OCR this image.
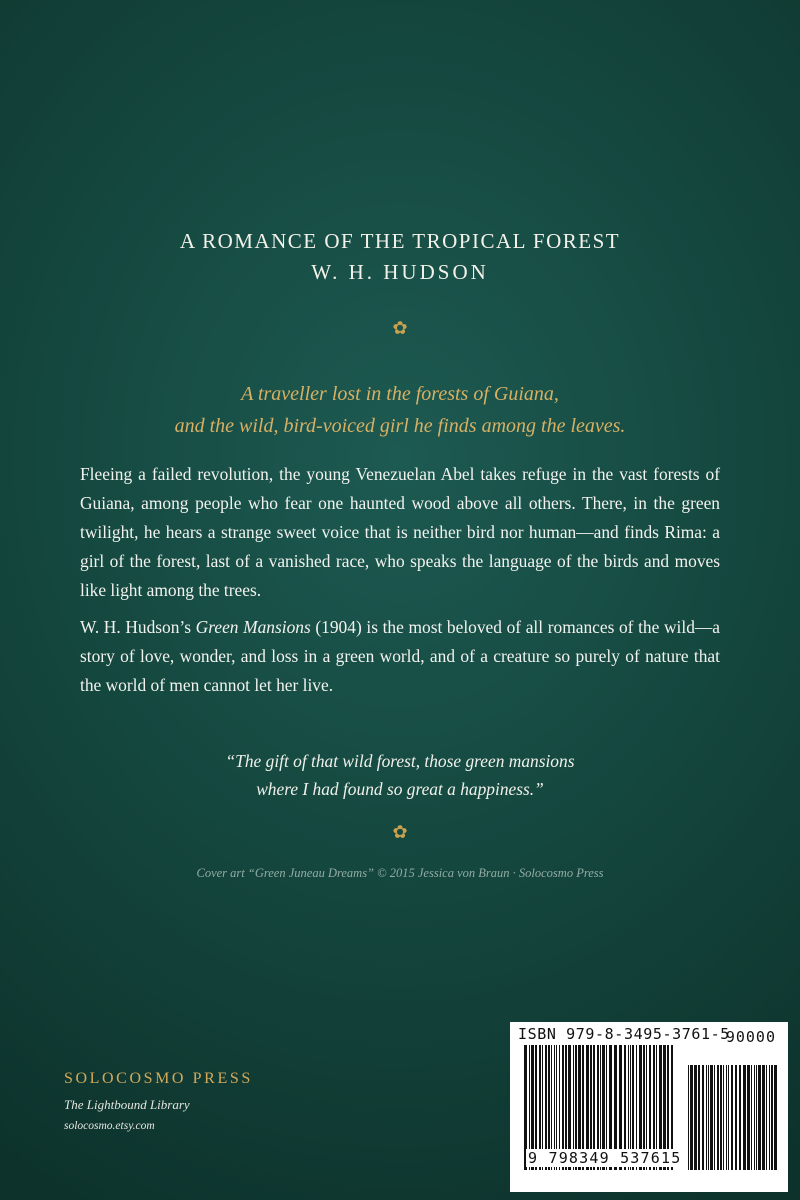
A ROMANCE OF THE TROPICAL FOREST

W. H. HUDSON

✿

A traveller lost in the forests of Guiana,
and the wild, bird-voiced girl he finds among the leaves.

Fleeing a failed revolution, the young Venezuelan Abel takes refuge in the vast forests of Guiana, among people who fear one haunted wood above all others. There, in the green twilight, he hears a strange sweet voice that is neither bird nor human—and finds Rima: a girl of the forest, last of a vanished race, who speaks the language of the birds and moves like light among the trees.

W. H. Hudson’s Green Mansions (1904) is the most beloved of all romances of the wild—a story of love, wonder, and loss in a green world, and of a creature so purely of nature that the world of men cannot let her live.

“The gift of that wild forest, those green mansions
where I had found so great a happiness.”

✿

Cover art “Green Juneau Dreams” © 2015 Jessica von Braun · Solocosmo Press

SOLOCOSMO PRESS

The Lightbound Library

solocosmo.etsy.com

ISBN 979-8-3495-3761-5

90000
9 798349 537615
